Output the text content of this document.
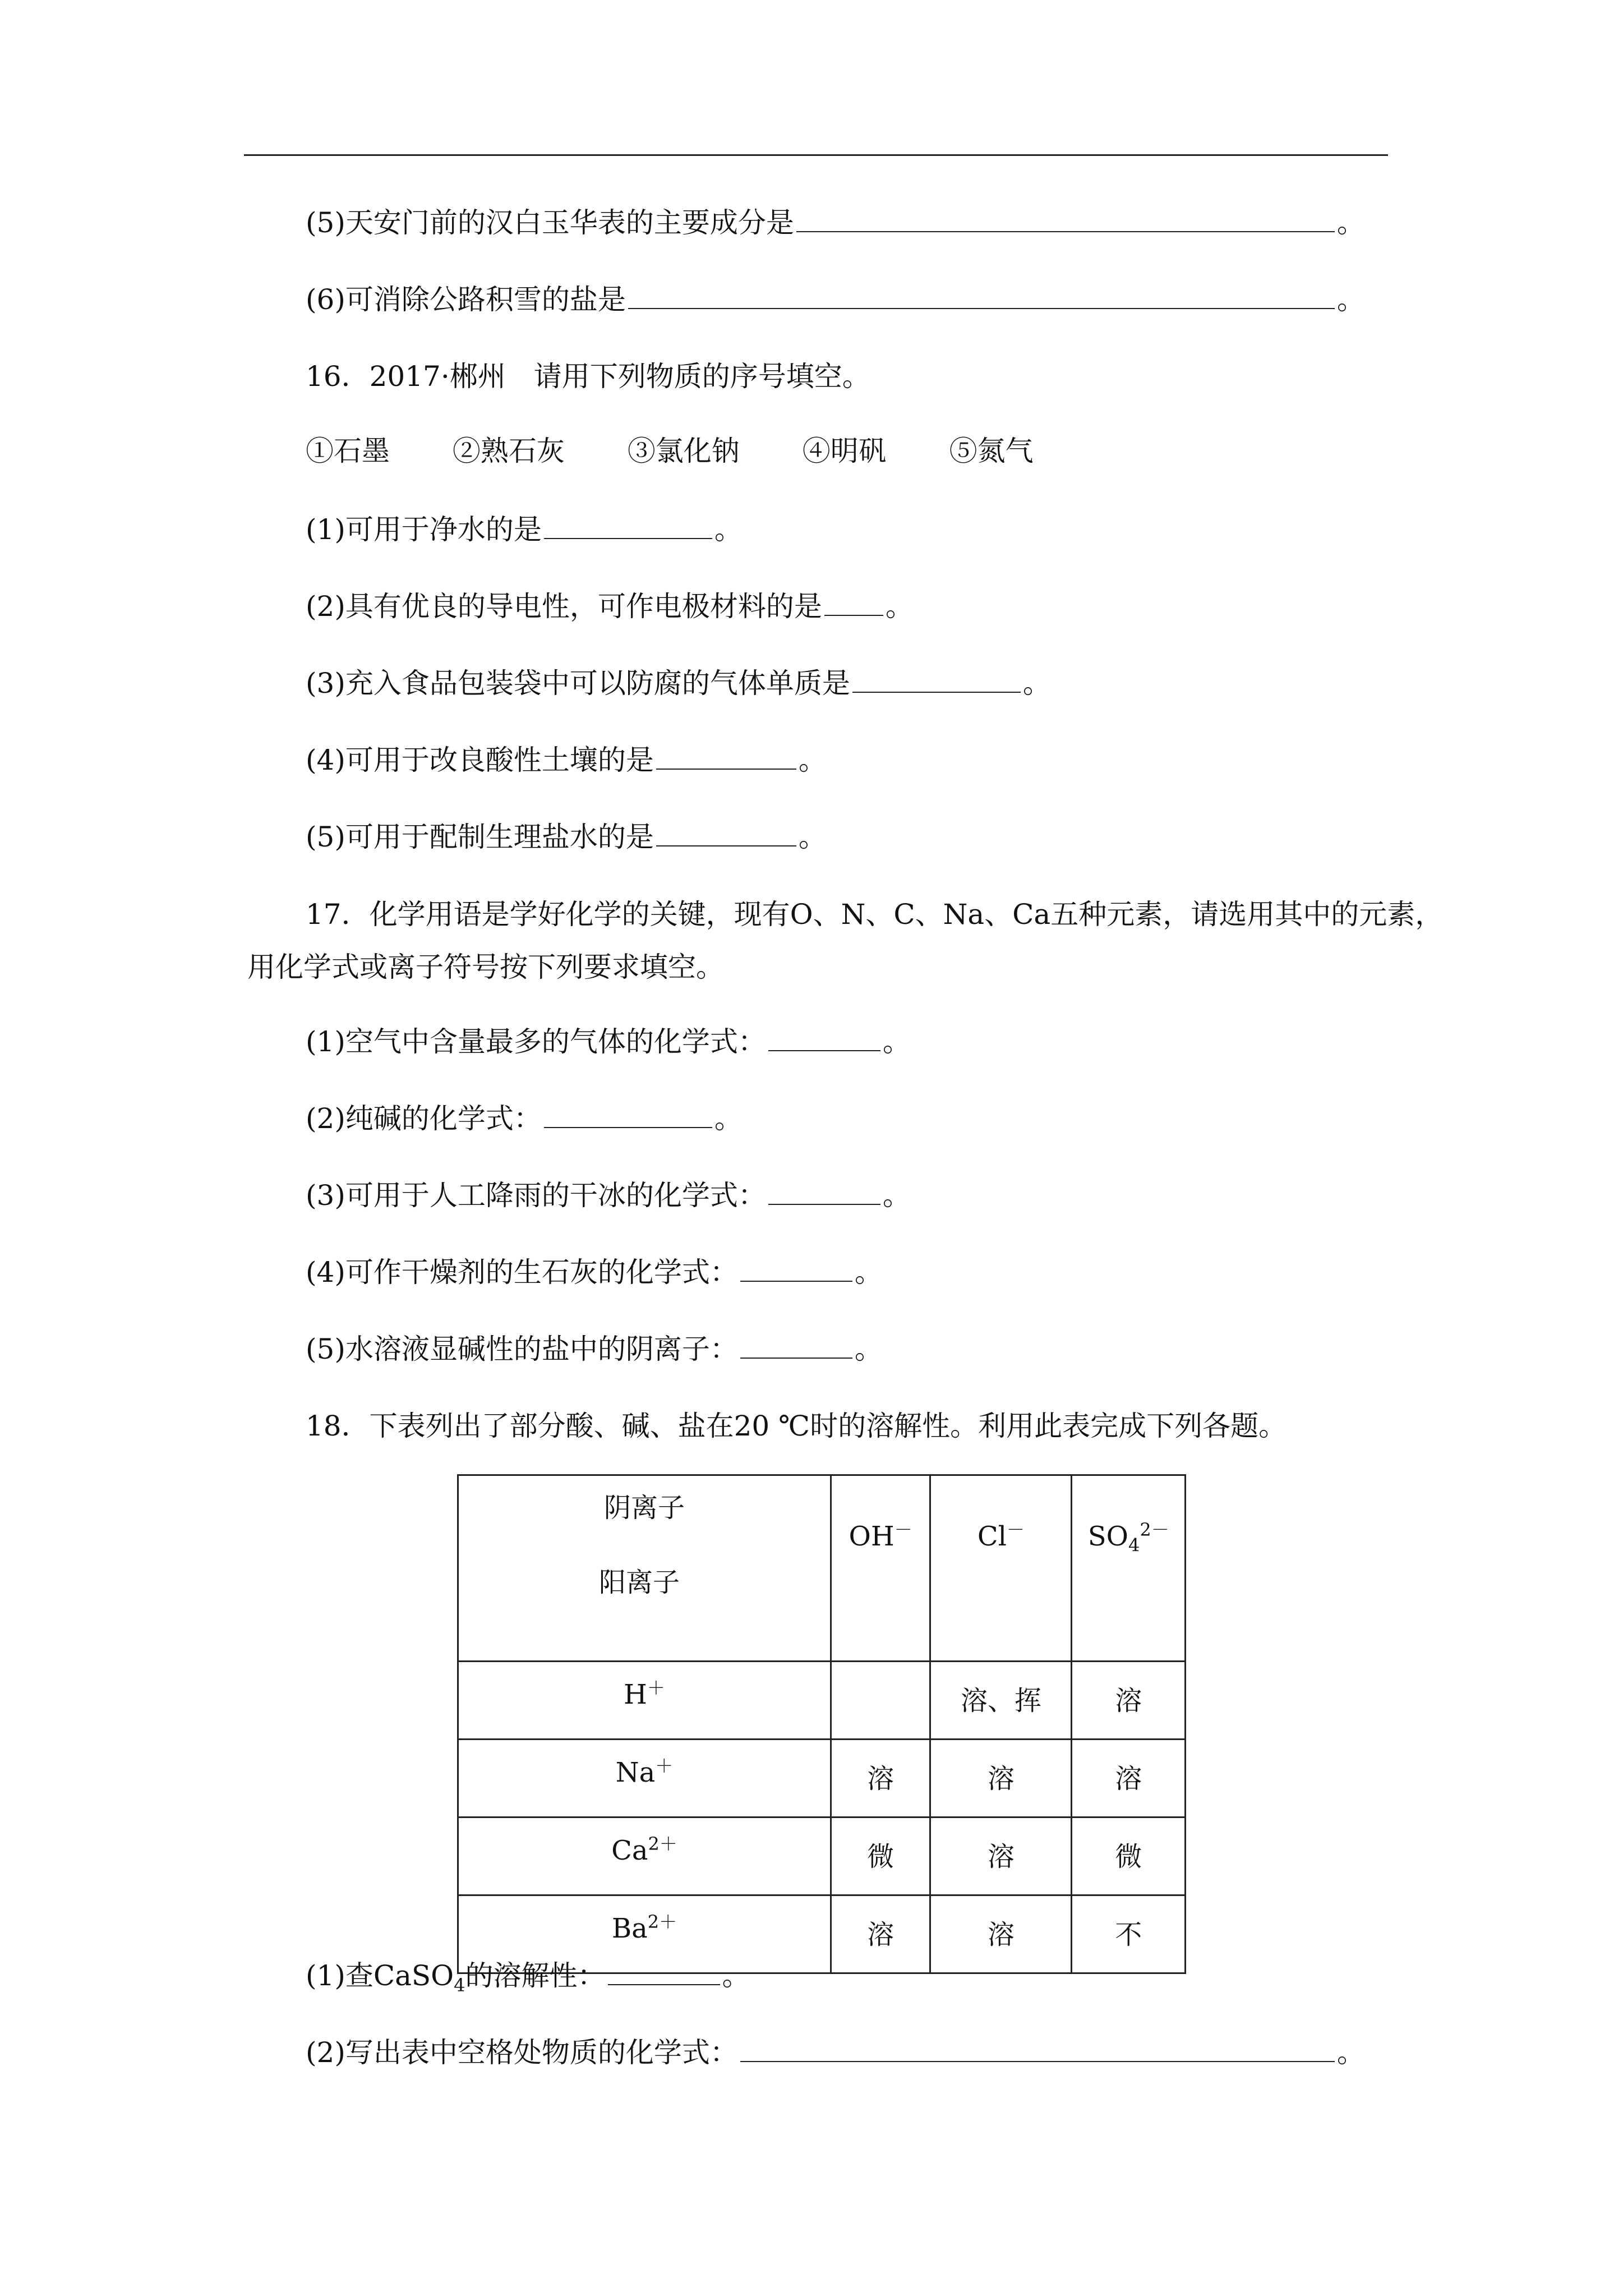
(5)天安门前的汉白玉华表的主要成分是	。
(6)可消除公路积雪的盐是	。
16．2017·郴州　请用下列物质的序号填空。
①石墨 ②熟石灰 ③氯化钠 ④明矾 ⑤氮气
(1)可用于净水的是	。
(2)具有优良的导电性，可作电极材料的是 。
(3)充入食品包装袋中可以防腐的气体单质是	。
(4)可用于改良酸性土壤的是	。
(5)可用于配制生理盐水的是	。
17．化学用语是学好化学的关键，现有O、N、C、Na、Ca五种元素，请选用其中的元素，
用化学式或离子符号按下列要求填空。
(1)空气中含量最多的气体的化学式：	。
(2)纯碱的化学式：	。
(3)可用于人工降雨的干冰的化学式：	。
(4)可作干燥剂的生石灰的化学式：	。
(5)水溶液显碱性的盐中的阴离子：	。
18．下表列出了部分酸、碱、盐在20 ℃时的溶解性。利用此表完成下列各题。
阴离子
阳离子	OH－	Cl－	$SO_4^{2-}$

H＋		溶、挥	溶

Na＋	溶	溶	溶

$Ca^{2+}$	微	溶	微

$Ba^{2+}$	溶	溶	不
(1)查CaSO$_4$的溶解性：	。
(2)写出表中空格处物质的化学式：	。
